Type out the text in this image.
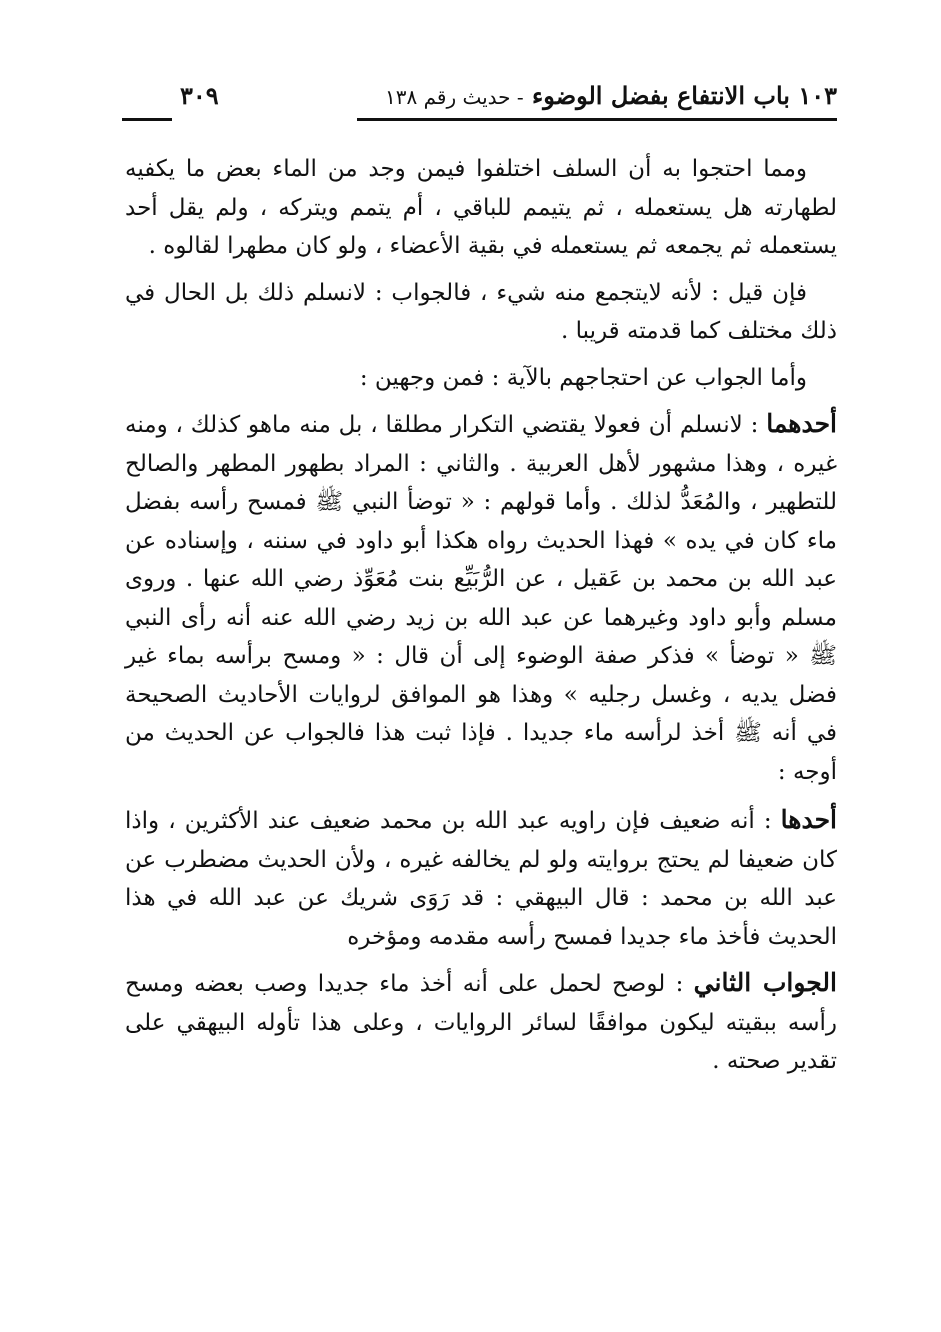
١٠٣ باب الانتفاع بفضل الوضوء - حديث رقم ١٣٨
٣٠٩

ومما احتجوا به أن السلف اختلفوا فيمن وجد من الماء بعض ما يكفيه لطهارته هل يستعمله ، ثم يتيمم للباقي ، أم يتمم ويتركه ، ولم يقل أحد يستعمله ثم يجمعه ثم يستعمله في بقية الأعضاء ، ولو كان مطهرا لقالوه .

فإن قيل : لأنه لايتجمع منه شيء ، فالجواب : لانسلم ذلك بل الحال في ذلك مختلف كما قدمته قريبا .

وأما الجواب عن احتجاجهم بالآية : فمن وجهين :

أحدهما : لانسلم أن فعولا يقتضي التكرار مطلقا ، بل منه ماهو كذلك ، ومنه غيره ، وهذا مشهور لأهل العربية . والثاني : المراد بطهور المطهر والصالح للتطهير ، والمُعَدُّ لذلك . وأما قولهم : « توضأ النبي ﷺ فمسح رأسه بفضل ماء كان في يده » فهذا الحديث رواه هكذا أبو داود في سننه ، وإسناده عن عبد الله بن محمد بن عَقيل ، عن الرُّبَيِّع بنت مُعَوِّذ رضي الله عنها . وروى مسلم وأبو داود وغيرهما عن عبد الله بن زيد رضي الله عنه أنه رأى النبي ﷺ « توضأ » فذكر صفة الوضوء إلى أن قال : « ومسح برأسه بماء غير فضل يديه ، وغسل رجليه » وهذا هو الموافق لروايات الأحاديث الصحيحة في أنه ﷺ أخذ لرأسه ماء جديدا . فإذا ثبت هذا فالجواب عن الحديث من أوجه :

أحدها : أنه ضعيف فإن راويه عبد الله بن محمد ضعيف عند الأكثرين ، واذا كان ضعيفا لم يحتج بروايته ولو لم يخالفه غيره ، ولأن الحديث مضطرب عن عبد الله بن محمد : قال البيهقي : قد رَوَى شريك عن عبد الله في هذا الحديث فأخذ ماء جديدا فمسح رأسه مقدمه ومؤخره

الجواب الثاني : لوصح لحمل على أنه أخذ ماء جديدا وصب بعضه ومسح رأسه ببقيته ليكون موافقًا لسائر الروايات ، وعلى هذا تأوله البيهقي على تقدير صحته .
